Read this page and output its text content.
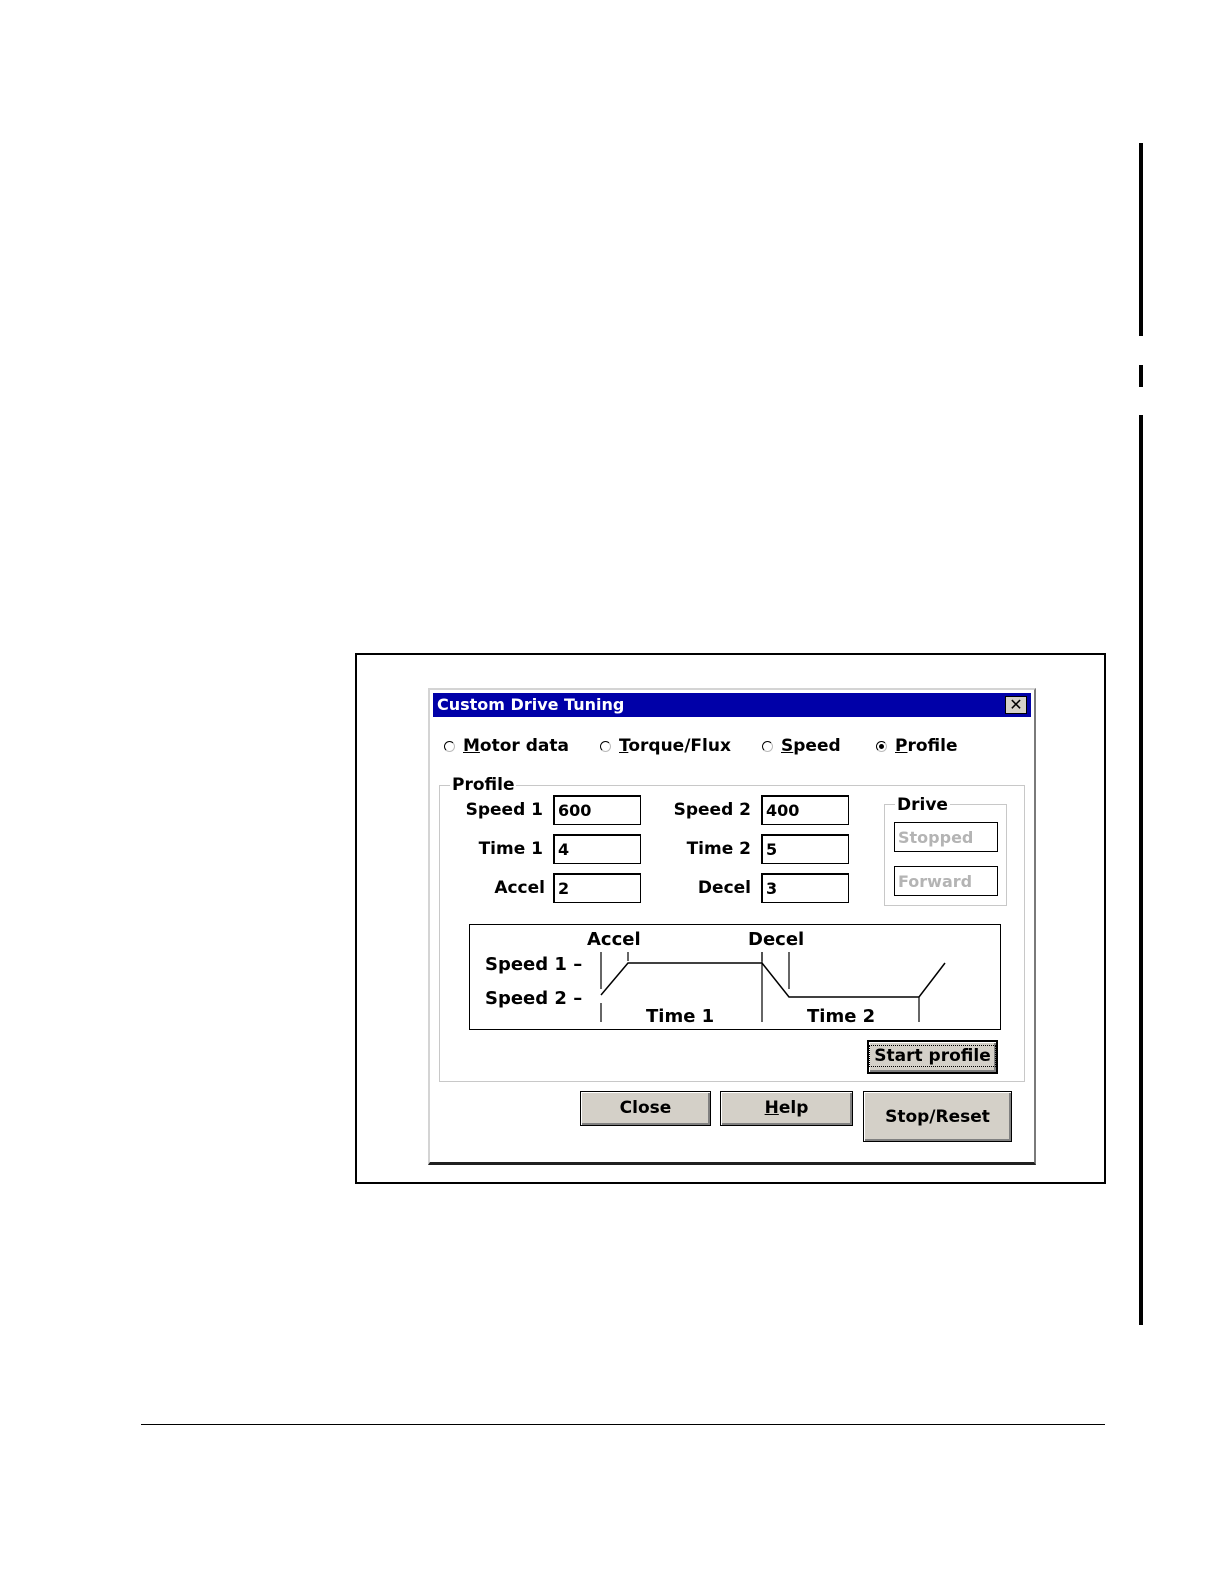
Custom Drive Tuning	✕
Motor data	Torque/Flux	Speed	Profile
Profile
Speed 1
600
Time 1
4
Accel
2
Speed 2
400
Time 2
5
Decel
3
Drive
Stopped
Forward
Accel	Decel
Speed 1 –
Speed 2 –
Time 1	Time 2
Start profile
Close	Help	Stop/Reset
